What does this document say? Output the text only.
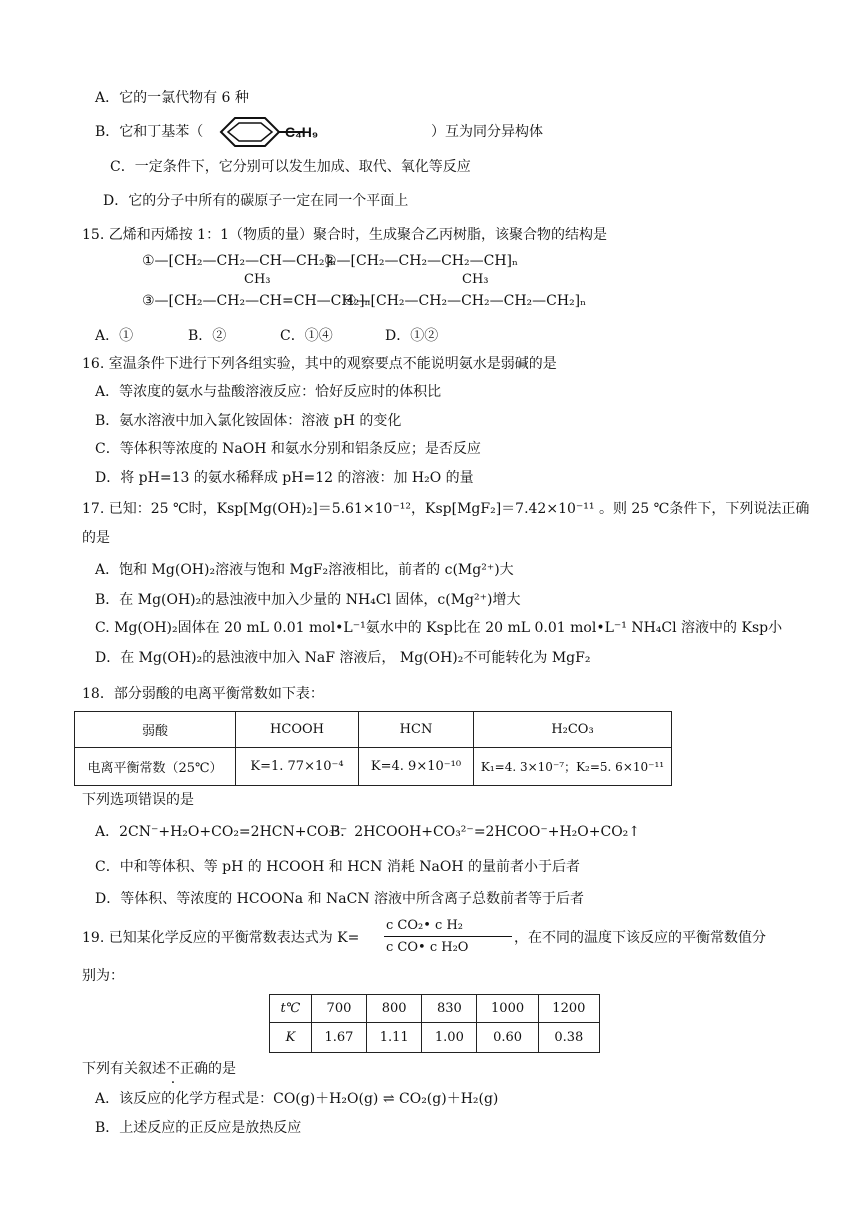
A．它的一氯代物有 6 种
B．它和丁基苯（	C₄H₉	）互为同分异构体
C．一定条件下，它分别可以发生加成、取代、氧化等反应
D．它的分子中所有的碳原子一定在同一个平面上
15. 乙烯和丙烯按 1：1（物质的量）聚合时，生成聚合乙丙树脂，该聚合物的结构是
①—[CH₂—CH₂—CH—CH₂]ₙ
CH₃
②—[CH₂—CH₂—CH₂—CH]ₙ
CH₃
③—[CH₂—CH₂—CH=CH—CH₂]ₙ
④—[CH₂—CH₂—CH₂—CH₂—CH₂]ₙ
A．①	B．②	C．①④	D．①②
16. 室温条件下进行下列各组实验，其中的观察要点不能说明氨水是弱碱的是
A．等浓度的氨水与盐酸溶液反应：恰好反应时的体积比
B．氨水溶液中加入氯化铵固体：溶液 pH 的变化
C．等体积等浓度的 NaOH 和氨水分别和铝条反应；是否反应
D．将 pH=13 的氨水稀释成 pH=12 的溶液：加 H₂O 的量
17. 已知：25 ℃时，Ksp[Mg(OH)₂]＝5.61×10⁻¹²，Ksp[MgF₂]＝7.42×10⁻¹¹ 。则 25 ℃条件下，下列说法正确
的是
A．饱和 Mg(OH)₂溶液与饱和 MgF₂溶液相比，前者的 c(Mg²⁺)大
B．在 Mg(OH)₂的悬浊液中加入少量的 NH₄Cl 固体，c(Mg²⁺)增大
C. Mg(OH)₂固体在 20 mL 0.01 mol•L⁻¹氨水中的 Ksp比在 20 mL 0.01 mol•L⁻¹ NH₄Cl 溶液中的 Ksp小
D．在 Mg(OH)₂的悬浊液中加入 NaF 溶液后， Mg(OH)₂不可能转化为 MgF₂
18．部分弱酸的电离平衡常数如下表：
弱酸	HCOOH	HCN	H₂CO₃
电离平衡常数（25℃）	K=1. 77×10⁻⁴	K=4. 9×10⁻¹⁰	K₁=4. 3×10⁻⁷；K₂=5. 6×10⁻¹¹
下列选项错误的是
A．2CN⁻+H₂O+CO₂=2HCN+CO₃²⁻
B．2HCOOH+CO₃²⁻=2HCOO⁻+H₂O+CO₂↑
C．中和等体积、等 pH 的 HCOOH 和 HCN 消耗 NaOH 的量前者小于后者
D．等体积、等浓度的 HCOONa 和 NaCN 溶液中所含离子总数前者等于后者
19. 已知某化学反应的平衡常数表达式为 K=
c CO₂• c H₂
c CO• c H₂O
，在不同的温度下该反应的平衡常数值分
别为：
t℃	700	800	830	1000	1200
K	1.67	1.11	1.00	0.60	0.38
下列有关叙述不正确的是
A．该反应的化学方程式是：CO(g)＋H₂O(g) ⇌ CO₂(g)＋H₂(g)
B．上述反应的正反应是放热反应
